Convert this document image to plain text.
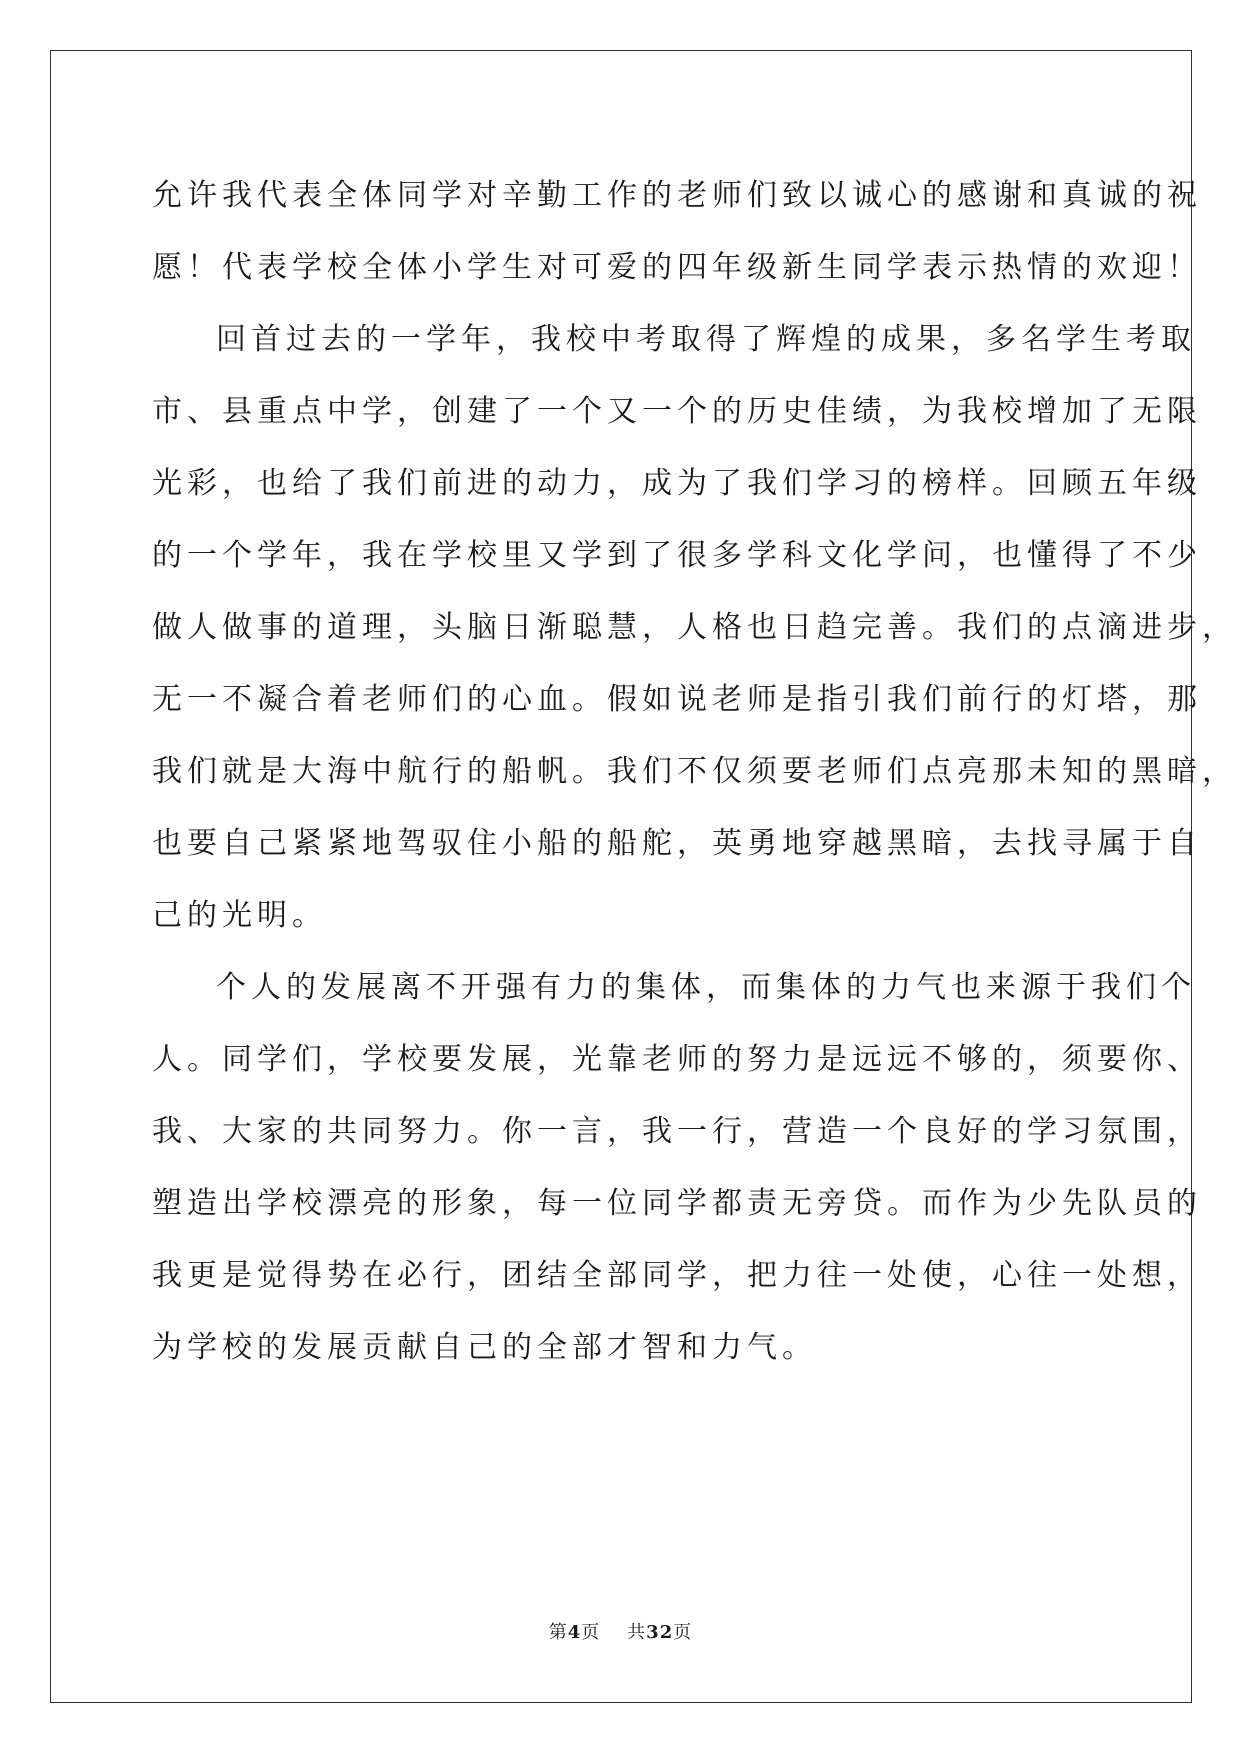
允许我代表全体同学对辛勤工作的老师们致以诚心的感谢和真诚的祝
愿！代表学校全体小学生对可爱的四年级新生同学表示热情的欢迎！
回首过去的一学年，我校中考取得了辉煌的成果，多名学生考取
市、县重点中学，创建了一个又一个的历史佳绩，为我校增加了无限
光彩，也给了我们前进的动力，成为了我们学习的榜样。回顾五年级
的一个学年，我在学校里又学到了很多学科文化学问，也懂得了不少
做人做事的道理，头脑日渐聪慧，人格也日趋完善。我们的点滴进步，
无一不凝合着老师们的心血。假如说老师是指引我们前行的灯塔，那
我们就是大海中航行的船帆。我们不仅须要老师们点亮那未知的黑暗，
也要自己紧紧地驾驭住小船的船舵，英勇地穿越黑暗，去找寻属于自
己的光明。
个人的发展离不开强有力的集体，而集体的力气也来源于我们个
人。同学们，学校要发展，光靠老师的努力是远远不够的，须要你、
我、大家的共同努力。你一言，我一行，营造一个良好的学习氛围，
塑造出学校漂亮的形象，每一位同学都责无旁贷。而作为少先队员的
我更是觉得势在必行，团结全部同学，把力往一处使，心往一处想，
为学校的发展贡献自己的全部才智和力气。
第4页 共32页
